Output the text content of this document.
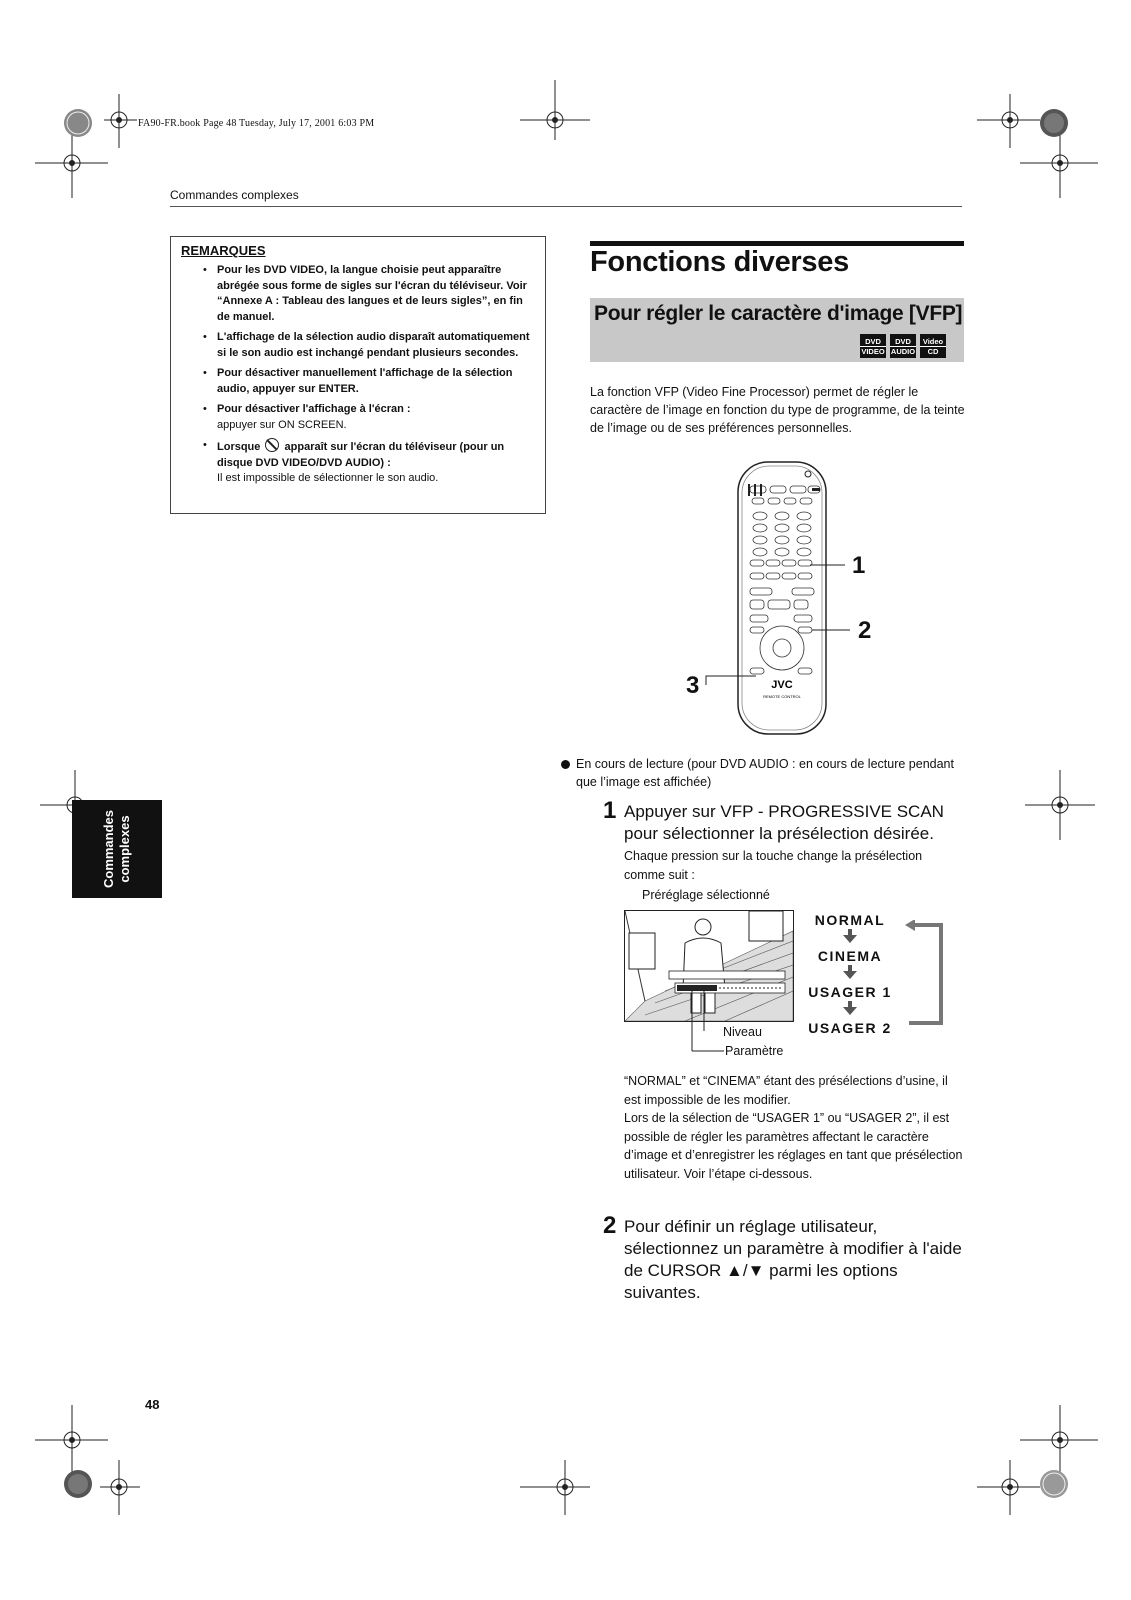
FA90-FR.book Page 48 Tuesday, July 17, 2001 6:03 PM
Commandes complexes
REMARQUES
• Pour les DVD VIDEO, la langue choisie peut apparaître abrégée sous forme de sigles sur l'écran du téléviseur. Voir “Annexe A : Tableau des langues et de leurs sigles”, en fin de manuel.
• L'affichage de la sélection audio disparaît automatiquement si le son audio est inchangé pendant plusieurs secondes.
• Pour désactiver manuellement l'affichage de la sélection audio, appuyer sur ENTER.
• Pour désactiver l'affichage à l'écran :
appuyer sur ON SCREEN.
• Lorsque apparaît sur l'écran du téléviseur (pour un disque DVD VIDEO/DVD AUDIO) :
Il est impossible de sélectionner le son audio.
Fonctions diverses
Pour régler le caractère d'image [VFP]
DVD
VIDEO
DVD
AUDIO
Video
CD
La fonction VFP (Video Fine Processor) permet de régler le caractère de l’image en fonction du type de programme, de la teinte de l’image ou de ses préférences personnelles.
JVC
REMOTE CONTROL
1
2
3
En cours de lecture (pour DVD AUDIO : en cours de lecture pendant que l’image est affichée)
1 Appuyer sur VFP - PROGRESSIVE SCAN pour sélectionner la présélection désirée.
Chaque pression sur la touche change la présélection comme suit :
Préréglage sélectionné
NORMAL
CINEMA
USAGER 1
USAGER 2
Niveau
Paramètre
“NORMAL” et “CINEMA” étant des présélections d’usine, il est impossible de les modifier.
Lors de la sélection de “USAGER 1” ou “USAGER 2”, il est possible de régler les paramètres affectant le caractère d’image et d’enregistrer les réglages en tant que présélection utilisateur. Voir l’étape ci-dessous.
2 Pour définir un réglage utilisateur, sélectionnez un paramètre à modifier à l'aide de CURSOR ▲/▼ parmi les options suivantes.
Commandes
complexes
48
